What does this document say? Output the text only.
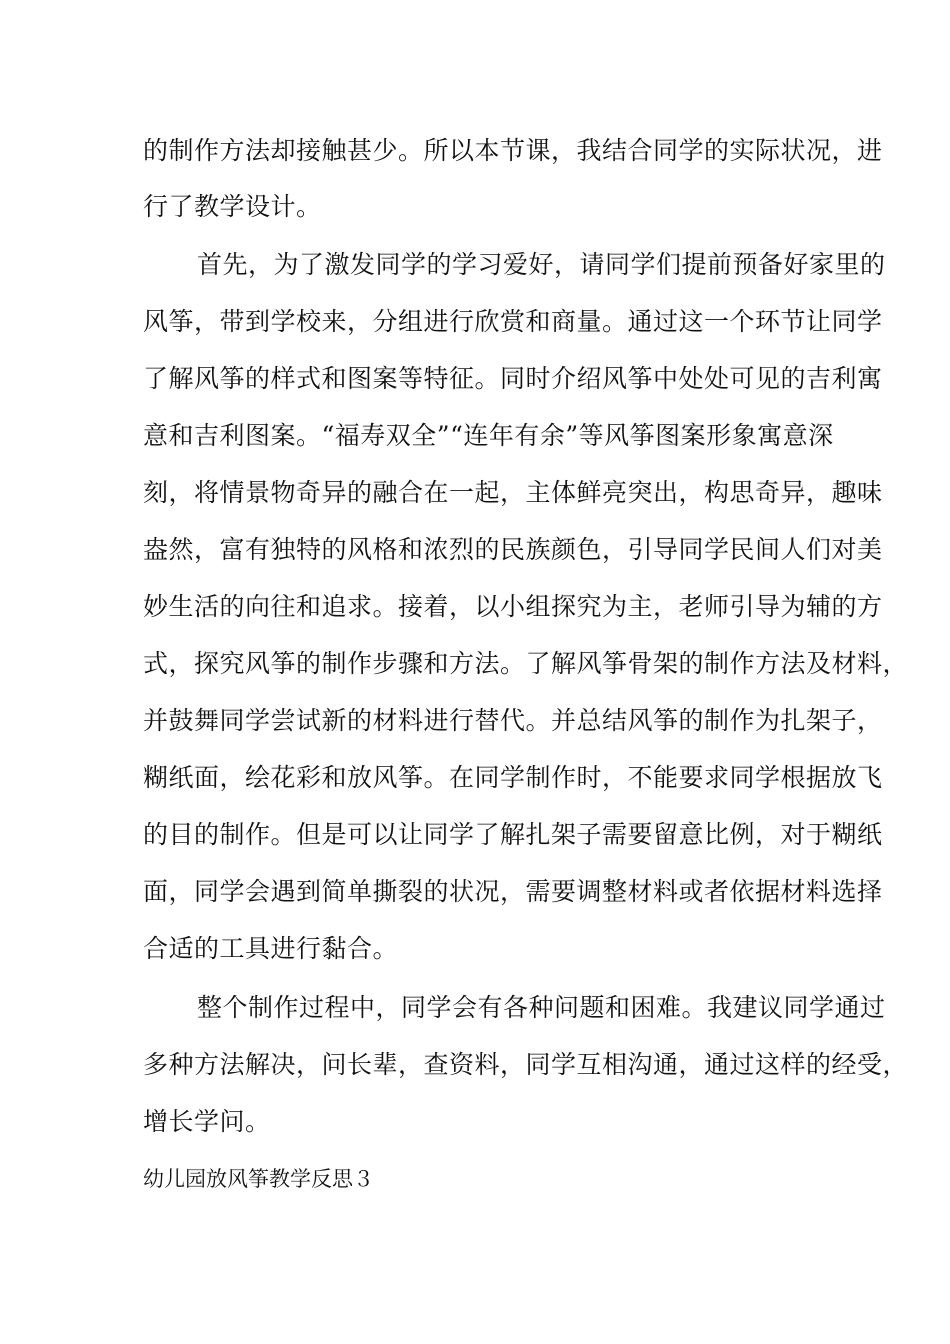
的制作方法却接触甚少。所以本节课，我结合同学的实际状况，进
行了教学设计。
首先，为了激发同学的学习爱好，请同学们提前预备好家里的
风筝，带到学校来，分组进行欣赏和商量。通过这一个环节让同学
了解风筝的样式和图案等特征。同时介绍风筝中处处可见的吉利寓
意和吉利图案。“福寿双全”“连年有余”等风筝图案形象寓意深
刻，将情景物奇异的融合在一起，主体鲜亮突出，构思奇异，趣味
盎然，富有独特的风格和浓烈的民族颜色，引导同学民间人们对美
妙生活的向往和追求。接着，以小组探究为主，老师引导为辅的方
式，探究风筝的制作步骤和方法。了解风筝骨架的制作方法及材料，
并鼓舞同学尝试新的材料进行替代。并总结风筝的制作为扎架子，
糊纸面，绘花彩和放风筝。在同学制作时，不能要求同学根据放飞
的目的制作。但是可以让同学了解扎架子需要留意比例，对于糊纸
面，同学会遇到简单撕裂的状况，需要调整材料或者依据材料选择
合适的工具进行黏合。
整个制作过程中，同学会有各种问题和困难。我建议同学通过
多种方法解决，问长辈，查资料，同学互相沟通，通过这样的经受，
增长学问。
幼儿园放风筝教学反思３
